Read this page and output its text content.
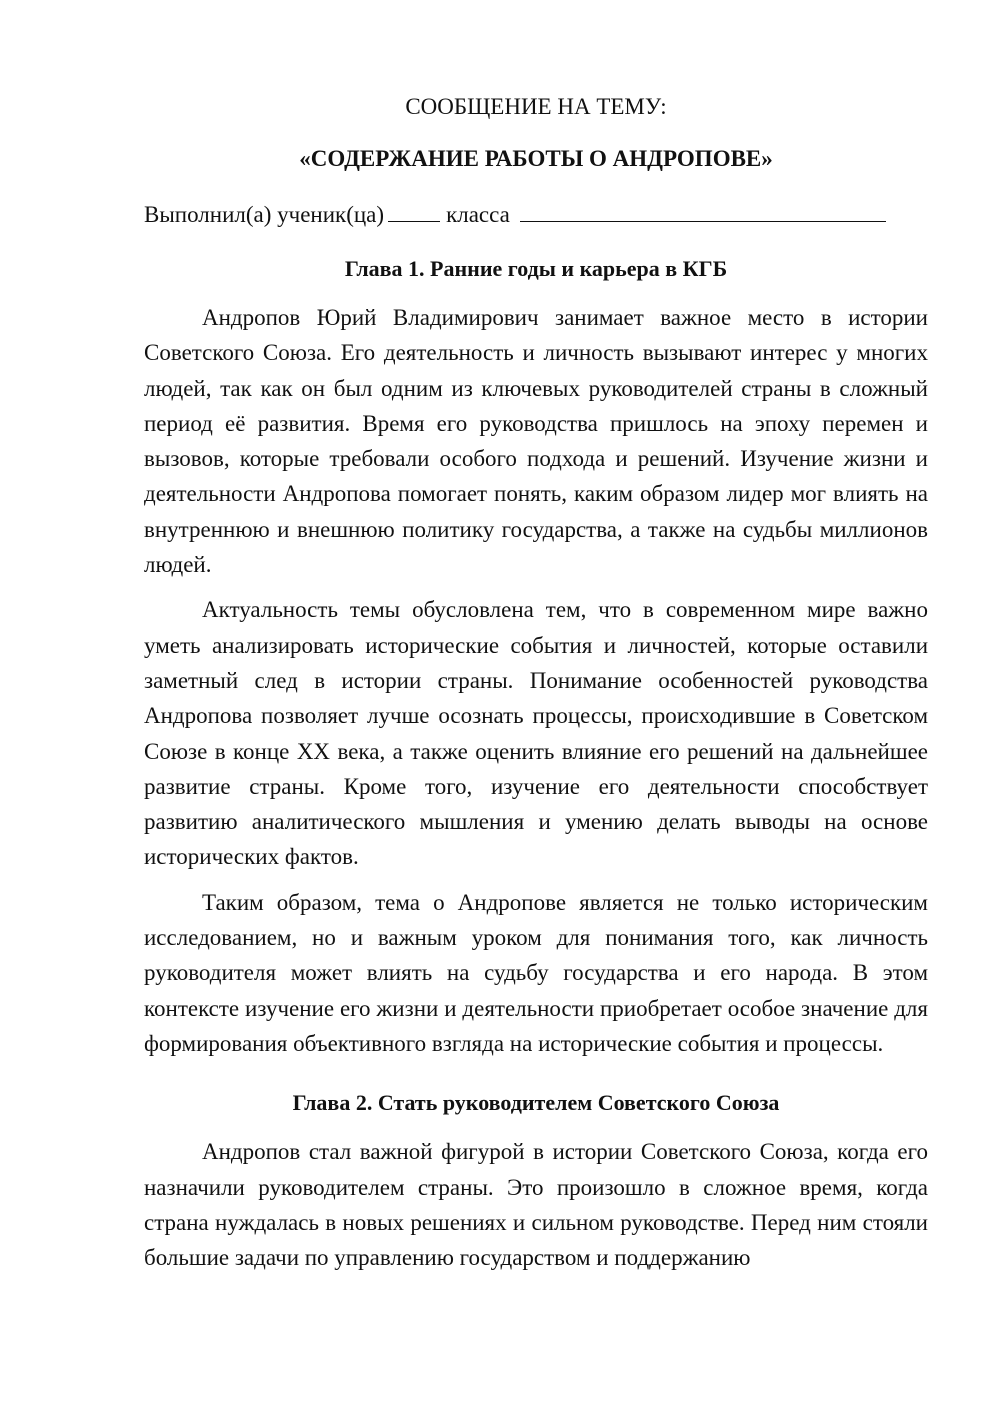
СООБЩЕНИЕ НА ТЕМУ:

«СОДЕРЖАНИЕ РАБОТЫ О АНДРОПОВЕ»

Выполнил(а) ученик(ца)	класса
Глава 1. Ранние годы и карьера в КГБ

Андропов Юрий Владимирович занимает важное место в истории Советского Союза. Его деятельность и личность вызывают интерес у многих людей, так как он был одним из ключевых руководителей страны в сложный период её развития. Время его руководства пришлось на эпоху перемен и вызовов, которые требовали особого подхода и решений. Изучение жизни и деятельности Андропова помогает понять, каким образом лидер мог влиять на внутреннюю и внешнюю политику государства, а также на судьбы миллионов людей.

Актуальность темы обусловлена тем, что в современном мире важно уметь анализировать исторические события и личностей, которые оставили заметный след в истории страны. Понимание особенностей руководства Андропова позволяет лучше осознать процессы, происходившие в Советском Союзе в конце XX века, а также оценить влияние его решений на дальнейшее развитие страны. Кроме того, изучение его деятельности способствует развитию аналитического мышления и умению делать выводы на основе исторических фактов.

Таким образом, тема о Андропове является не только историческим исследованием, но и важным уроком для понимания того, как личность руководителя может влиять на судьбу государства и его народа. В этом контексте изучение его жизни и деятельности приобретает особое значение для формирования объективного взгляда на исторические события и процессы.

Глава 2. Стать руководителем Советского Союза

Андропов стал важной фигурой в истории Советского Союза, когда его назначили руководителем страны. Это произошло в сложное время, когда страна нуждалась в новых решениях и сильном руководстве. Перед ним стояли большие задачи по управлению государством и поддержанию
